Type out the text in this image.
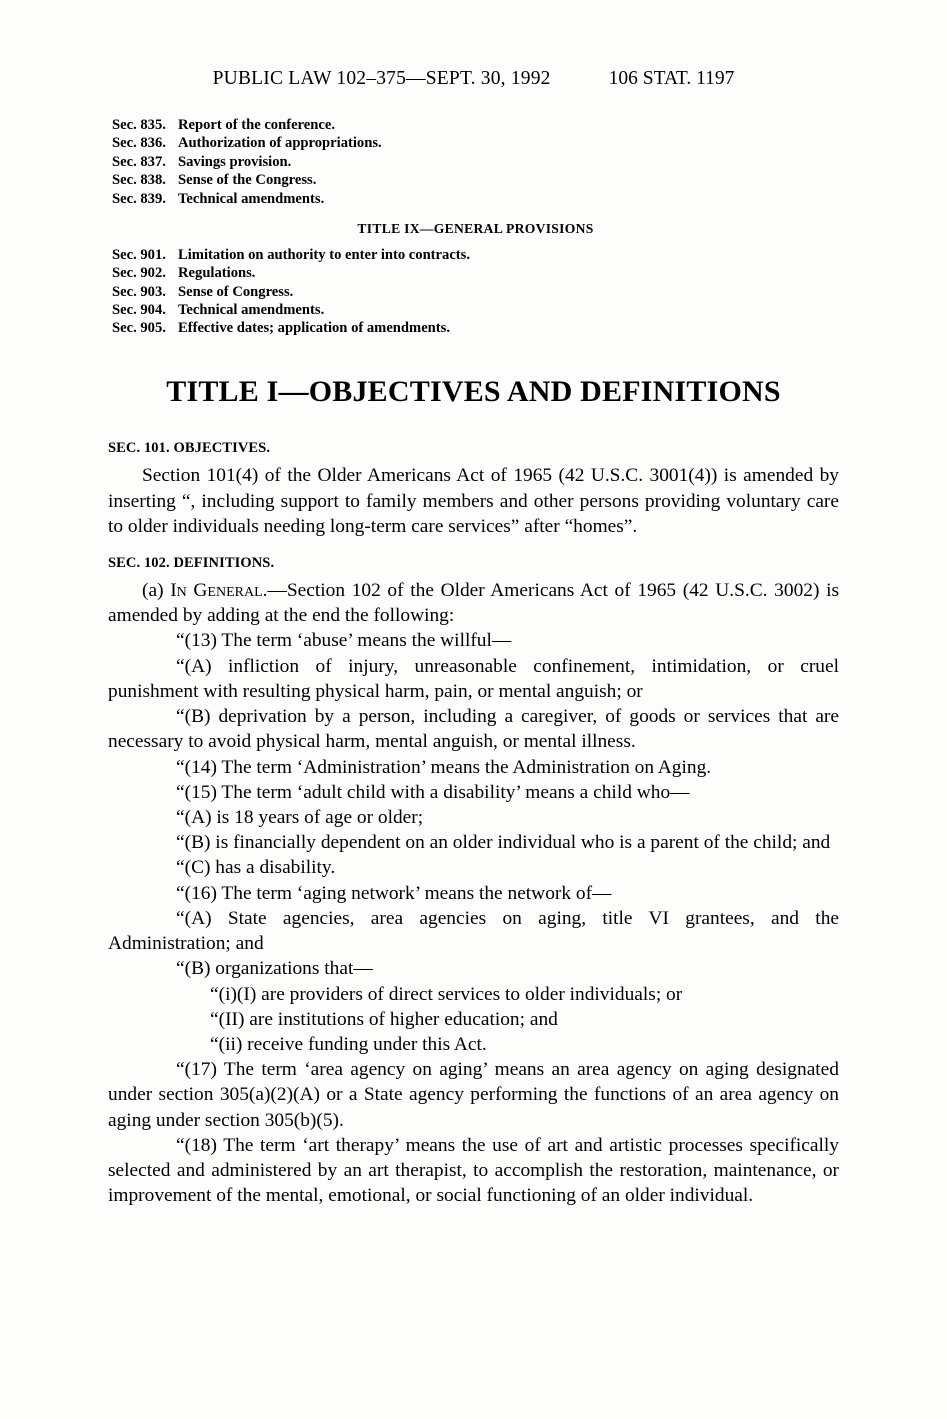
PUBLIC LAW 102–375—SEPT. 30, 1992	106 STAT. 1197
Sec. 835. Report of the conference.
Sec. 836. Authorization of appropriations.
Sec. 837. Savings provision.
Sec. 838. Sense of the Congress.
Sec. 839. Technical amendments.
TITLE IX—GENERAL PROVISIONS
Sec. 901. Limitation on authority to enter into contracts.
Sec. 902. Regulations.
Sec. 903. Sense of Congress.
Sec. 904. Technical amendments.
Sec. 905. Effective dates; application of amendments.
TITLE I—OBJECTIVES AND DEFINITIONS
SEC. 101. OBJECTIVES.

Section 101(4) of the Older Americans Act of 1965 (42 U.S.C. 3001(4)) is amended by inserting “, including support to family members and other persons providing voluntary care to older individuals needing long-term care services” after “homes”.

SEC. 102. DEFINITIONS.

(a) In General.—Section 102 of the Older Americans Act of 1965 (42 U.S.C. 3002) is amended by adding at the end the following:

“(13) The term ‘abuse’ means the willful—

“(A) infliction of injury, unreasonable confinement, intimidation, or cruel punishment with resulting physical harm, pain, or mental anguish; or

“(B) deprivation by a person, including a caregiver, of goods or services that are necessary to avoid physical harm, mental anguish, or mental illness.

“(14) The term ‘Administration’ means the Administration on Aging.

“(15) The term ‘adult child with a disability’ means a child who—

“(A) is 18 years of age or older;

“(B) is financially dependent on an older individual who is a parent of the child; and

“(C) has a disability.

“(16) The term ‘aging network’ means the network of—

“(A) State agencies, area agencies on aging, title VI grantees, and the Administration; and

“(B) organizations that—

“(i)(I) are providers of direct services to older individuals; or

“(II) are institutions of higher education; and

“(ii) receive funding under this Act.

“(17) The term ‘area agency on aging’ means an area agency on aging designated under section 305(a)(2)(A) or a State agency performing the functions of an area agency on aging under section 305(b)(5).

“(18) The term ‘art therapy’ means the use of art and artistic processes specifically selected and administered by an art therapist, to accomplish the restoration, maintenance, or improvement of the mental, emotional, or social functioning of an older individual.
